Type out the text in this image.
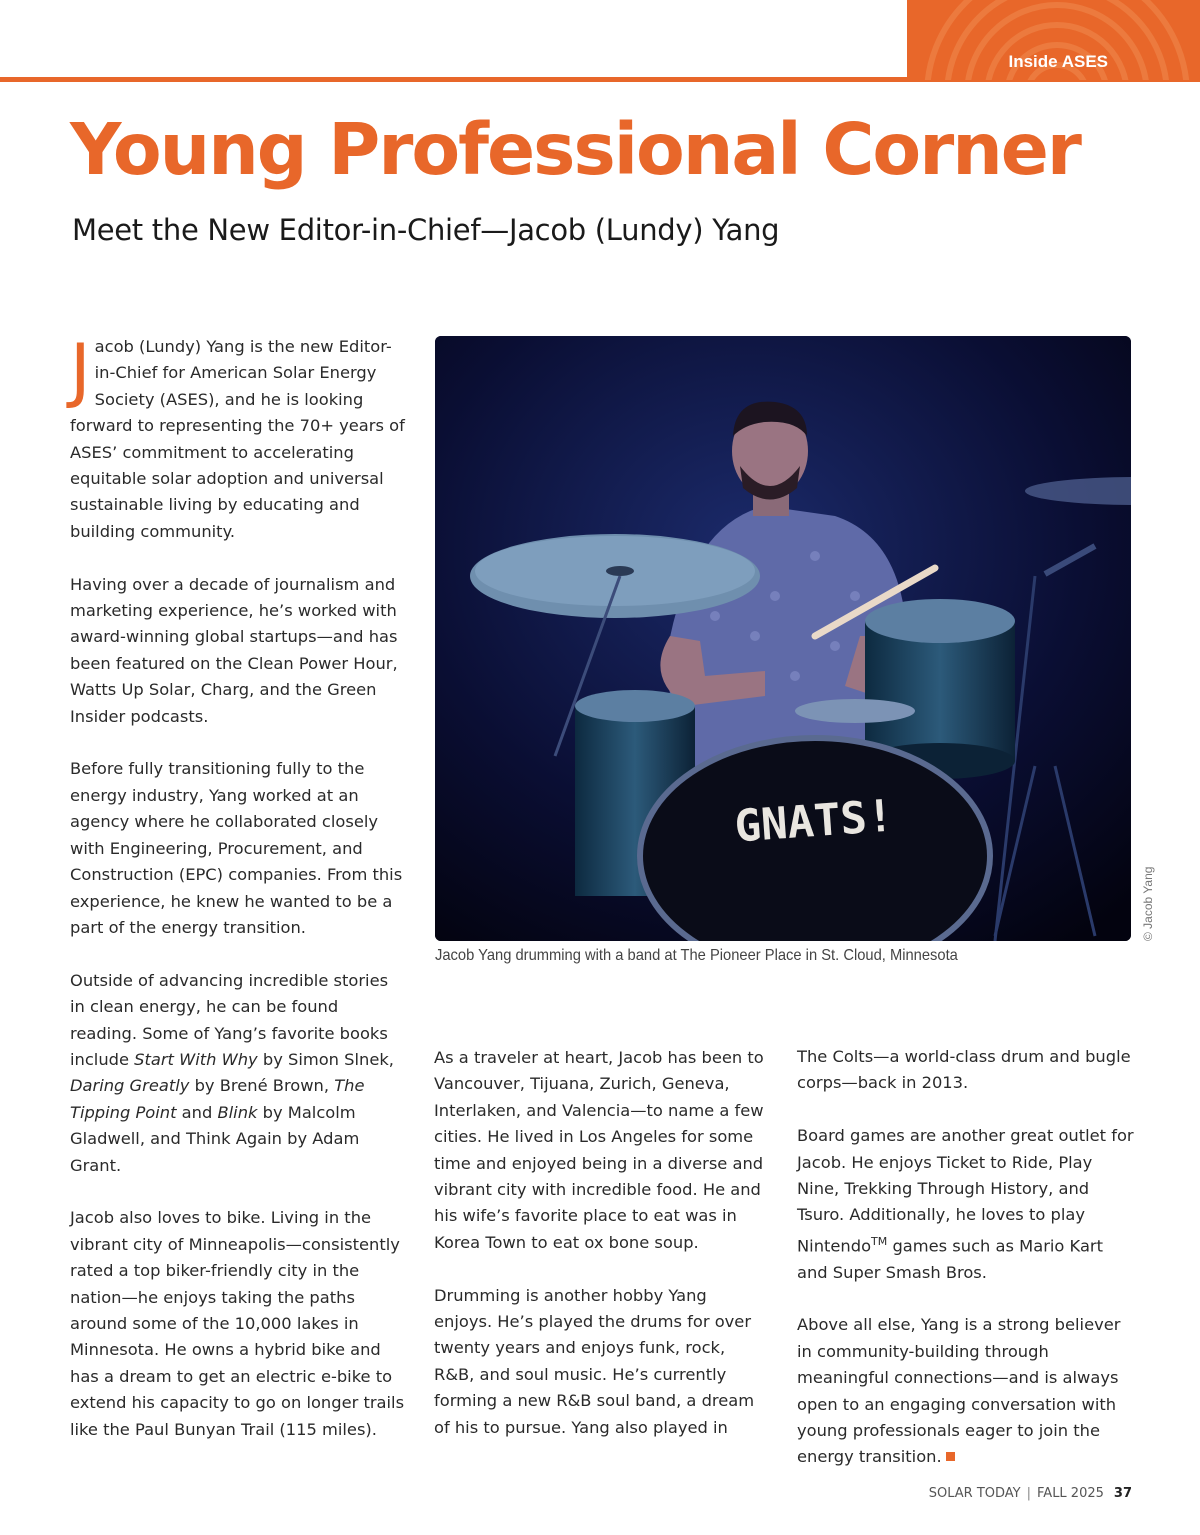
Inside ASES
Young Professional Corner
Meet the New Editor-in-Chief—Jacob (Lundy) Yang

Jacob (Lundy) Yang is the new Editor-in-Chief for American Solar Energy Society (ASES), and he is looking forward to representing the 70+ years of ASES’ commitment to accelerating equitable solar adoption and universal sustainable living by educating and building community.

Having over a decade of journalism and marketing experience, he’s worked with award-winning global startups—and has been featured on the Clean Power Hour, Watts Up Solar, Charg, and the Green Insider podcasts.

Before fully transitioning fully to the energy industry, Yang worked at an agency where he collaborated closely with Engineering, Procurement, and Construction (EPC) companies. From this experience, he knew he wanted to be a part of the energy transition.

Outside of advancing incredible stories in clean energy, he can be found reading. Some of Yang’s favorite books include Start With Why by Simon Slnek, Daring Greatly by Brené Brown, The Tipping Point and Blink by Malcolm Gladwell, and Think Again by Adam Grant.

Jacob also loves to bike. Living in the vibrant city of Minneapolis—consistently rated a top biker-friendly city in the nation—he enjoys taking the paths around some of the 10,000 lakes in Minnesota. He owns a hybrid bike and has a dream to get an electric e-bike to extend his capacity to go on longer trails like the Paul Bunyan Trail (115 miles).

GNATS!
© Jacob Yang
Jacob Yang drumming with a band at The Pioneer Place in St. Cloud, Minnesota

As a traveler at heart, Jacob has been to Vancouver, Tijuana, Zurich, Geneva, Interlaken, and Valencia—to name a few cities. He lived in Los Angeles for some time and enjoyed being in a diverse and vibrant city with incredible food. He and his wife’s favorite place to eat was in Korea Town to eat ox bone soup.

Drumming is another hobby Yang enjoys. He’s played the drums for over twenty years and enjoys funk, rock, R&B, and soul music. He’s currently forming a new R&B soul band, a dream of his to pursue. Yang also played in

The Colts—a world-class drum and bugle corps—back in 2013.

Board games are another great outlet for Jacob. He enjoys Ticket to Ride, Play Nine, Trekking Through History, and Tsuro. Additionally, he loves to play Nintendo™ games such as Mario Kart and Super Smash Bros.

Above all else, Yang is a strong believer in community-building through meaningful connections—and is always open to an engaging conversation with young professionals eager to join the energy transition.

SOLAR TODAY | FALL 2025 37
